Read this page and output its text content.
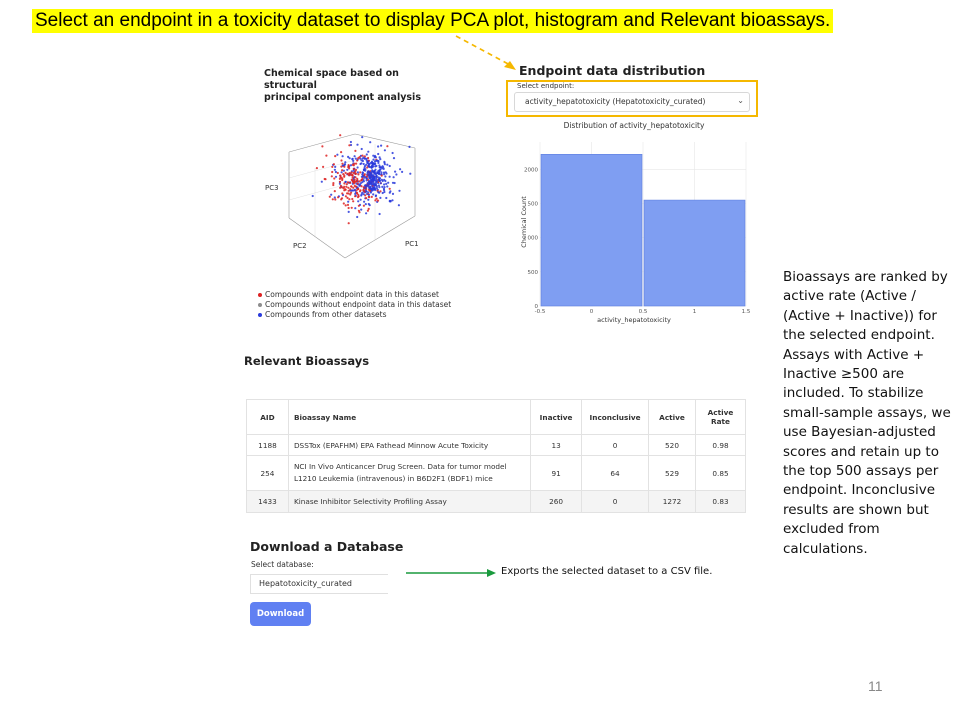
Select an endpoint in a toxicity dataset to display PCA plot, histogram and Relevant bioassays.
Chemical space based on structural
principal component analysis
PC3
PC2	PC1
Compounds with endpoint data in this dataset
Compounds without endpoint data in this dataset
Compounds from other datasets
Endpoint data distribution
Select endpoint:
activity_hepatotoxicity (Hepatotoxicity_curated)	⌄
Distribution of activity_hepatotoxicity
0
500
000
500
2000
-0.5	0	0.5	1	1.5
activity_hepatotoxicity
Chemical Count
Relevant Bioassays
AID	Bioassay Name	Inactive	Inconclusive	Active	Active Rate
1188	DSSTox (EPAFHM) EPA Fathead Minnow Acute Toxicity	13	0	520	0.98
254	NCI In Vivo Anticancer Drug Screen. Data for tumor model L1210 Leukemia (intravenous) in B6D2F1 (BDF1) mice	91	64	529	0.85
1433	Kinase Inhibitor Selectivity Profiling Assay	260	0	1272	0.83
Download a Database
Select database:
Hepatotoxicity_curated
Download
Exports the selected dataset to a CSV file.
Bioassays are ranked by active rate (Active / (Active + Inactive)) for the selected endpoint. Assays with Active + Inactive ≥500 are included. To stabilize small-sample assays, we use Bayesian-adjusted scores and retain up to the top 500 assays per endpoint. Inconclusive results are shown but excluded from calculations.
11
